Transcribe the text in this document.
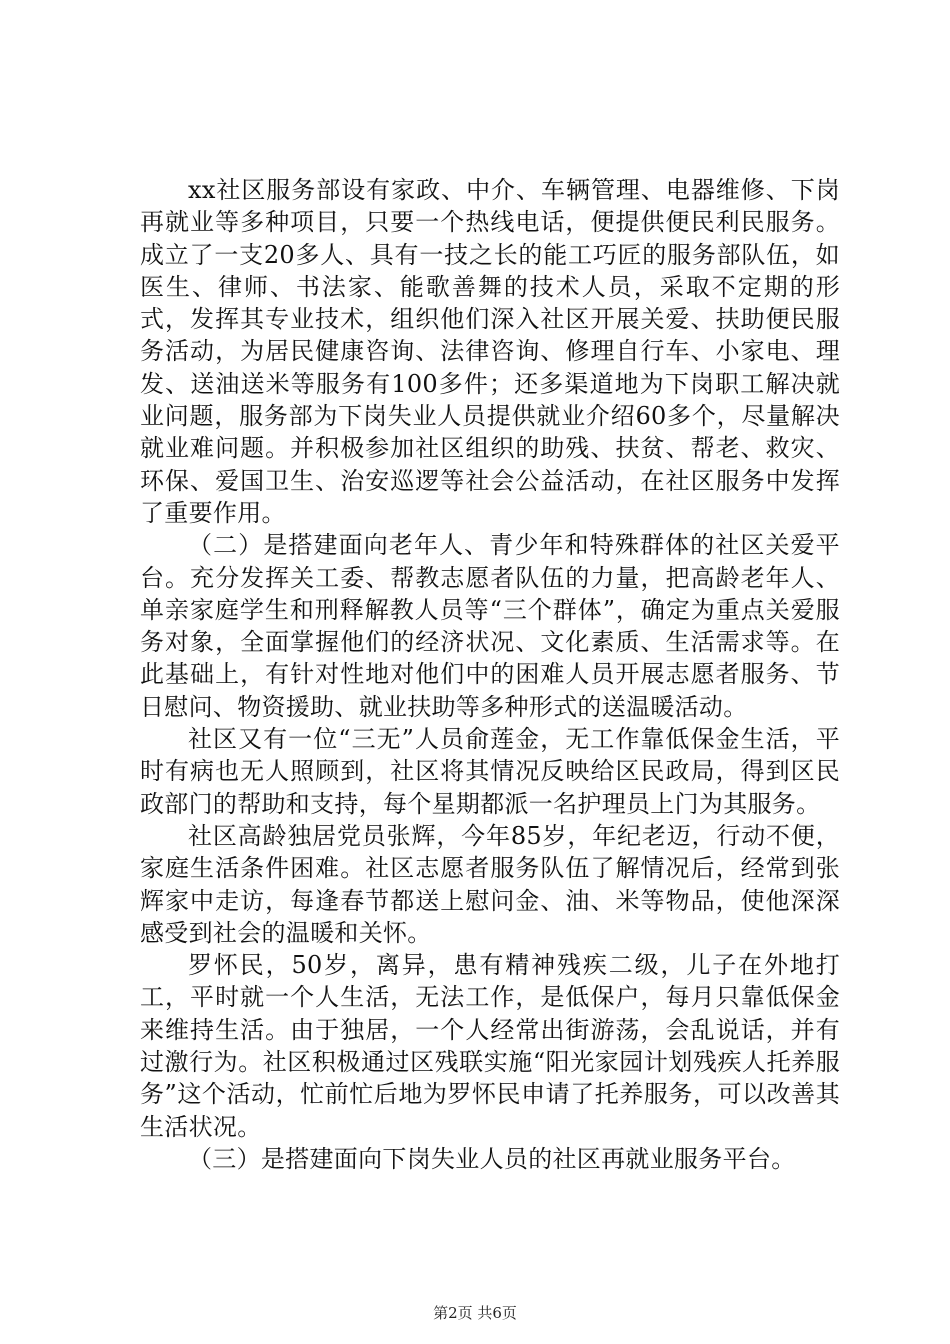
xx社区服务部设有家政、中介、车辆管理、电器维修、下岗再就业等多种项目，只要一个热线电话，便提供便民利民服务。成立了一支20多人、具有一技之长的能工巧匠的服务部队伍，如医生、律师、书法家、能歌善舞的技术人员，采取不定期的形式，发挥其专业技术，组织他们深入社区开展关爱、扶助便民服务活动，为居民健康咨询、法律咨询、修理自行车、小家电、理发、送油送米等服务有100多件；还多渠道地为下岗职工解决就业问题，服务部为下岗失业人员提供就业介绍60多个，尽量解决就业难问题。并积极参加社区组织的助残、扶贫、帮老、救灾、环保、爱国卫生、治安巡逻等社会公益活动，在社区服务中发挥了重要作用。

（二）是搭建面向老年人、青少年和特殊群体的社区关爱平台。充分发挥关工委、帮教志愿者队伍的力量，把高龄老年人、单亲家庭学生和刑释解教人员等“三个群体”，确定为重点关爱服务对象，全面掌握他们的经济状况、文化素质、生活需求等。在此基础上，有针对性地对他们中的困难人员开展志愿者服务、节日慰问、物资援助、就业扶助等多种形式的送温暖活动。

社区又有一位“三无”人员俞莲金，无工作靠低保金生活，平时有病也无人照顾到，社区将其情况反映给区民政局，得到区民政部门的帮助和支持，每个星期都派一名护理员上门为其服务。

社区高龄独居党员张辉，今年85岁，年纪老迈，行动不便，家庭生活条件困难。社区志愿者服务队伍了解情况后，经常到张辉家中走访，每逢春节都送上慰问金、油、米等物品，使他深深感受到社会的温暖和关怀。

罗怀民，50岁，离异，患有精神残疾二级，儿子在外地打工，平时就一个人生活，无法工作，是低保户，每月只靠低保金来维持生活。由于独居，一个人经常出街游荡，会乱说话，并有过激行为。社区积极通过区残联实施“阳光家园计划残疾人托养服务”这个活动，忙前忙后地为罗怀民申请了托养服务，可以改善其生活状况。

（三）是搭建面向下岗失业人员的社区再就业服务平台。

第2页 共6页
